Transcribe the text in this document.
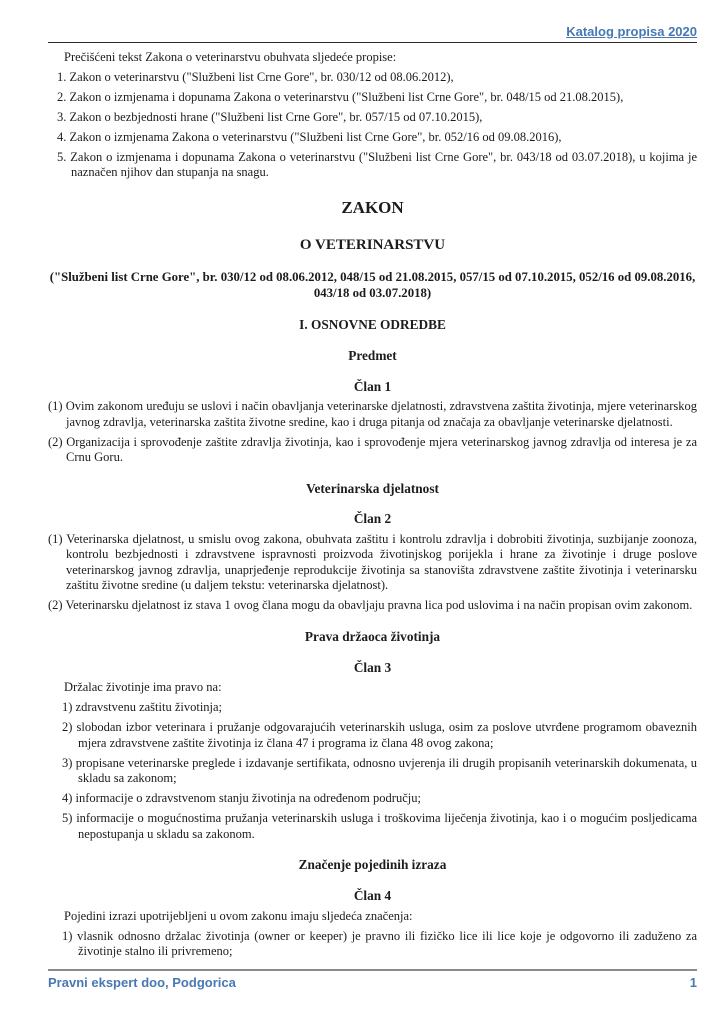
Katalog propisa 2020

Prečišćeni tekst Zakona o veterinarstvu obuhvata sljedeće propise:

1. Zakon o veterinarstvu ("Službeni list Crne Gore", br. 030/12 od 08.06.2012),

2. Zakon o izmjenama i dopunama Zakona o veterinarstvu ("Službeni list Crne Gore", br. 048/15 od 21.08.2015),

3. Zakon o bezbjednosti hrane ("Službeni list Crne Gore", br. 057/15 od 07.10.2015),

4. Zakon o izmjenama Zakona o veterinarstvu ("Službeni list Crne Gore", br. 052/16 od 09.08.2016),

5. Zakon o izmjenama i dopunama Zakona o veterinarstvu ("Službeni list Crne Gore", br. 043/18 od 03.07.2018), u kojima je naznačen njihov dan stupanja na snagu.

ZAKON
O VETERINARSTVU

("Službeni list Crne Gore", br. 030/12 od 08.06.2012, 048/15 od 21.08.2015, 057/15 od 07.10.2015, 052/16 od 09.08.2016, 043/18 od 03.07.2018)

I. OSNOVNE ODREDBE
Predmet
Član 1

(1) Ovim zakonom uređuju se uslovi i način obavljanja veterinarske djelatnosti, zdravstvena zaštita životinja, mjere veterinarskog javnog zdravlja, veterinarska zaštita životne sredine, kao i druga pitanja od značaja za obavljanje veterinarske djelatnosti.

(2) Organizacija i sprovođenje zaštite zdravlja životinja, kao i sprovođenje mjera veterinarskog javnog zdravlja od interesa je za Crnu Goru.

Veterinarska djelatnost
Član 2

(1) Veterinarska djelatnost, u smislu ovog zakona, obuhvata zaštitu i kontrolu zdravlja i dobrobiti životinja, suzbijanje zoonoza, kontrolu bezbjednosti i zdravstvene ispravnosti proizvoda životinjskog porijekla i hrane za životinje i druge poslove veterinarskog javnog zdravlja, unaprjeđenje reprodukcije životinja sa stanovišta zdravstvene zaštite životinja i veterinarsku zaštitu životne sredine (u daljem tekstu: veterinarska djelatnost).

(2) Veterinarsku djelatnost iz stava 1 ovog člana mogu da obavljaju pravna lica pod uslovima i na način propisan ovim zakonom.

Prava držaoca životinja
Član 3

Držalac životinje ima pravo na:

1) zdravstvenu zaštitu životinja;

2) slobodan izbor veterinara i pružanje odgovarajućih veterinarskih usluga, osim za poslove utvrđene programom obaveznih mjera zdravstvene zaštite životinja iz člana 47 i programa iz člana 48 ovog zakona;

3) propisane veterinarske preglede i izdavanje sertifikata, odnosno uvjerenja ili drugih propisanih veterinarskih dokumenata, u skladu sa zakonom;

4) informacije o zdravstvenom stanju životinja na određenom području;

5) informacije o mogućnostima pružanja veterinarskih usluga i troškovima liječenja životinja, kao i o mogućim posljedicama nepostupanja u skladu sa zakonom.

Značenje pojedinih izraza
Član 4

Pojedini izrazi upotrijebljeni u ovom zakonu imaju sljedeća značenja:

1) vlasnik odnosno držalac životinja (owner or keeper) je pravno ili fizičko lice ili lice koje je odgovorno ili zaduženo za životinje stalno ili privremeno;

Pravni ekspert doo, Podgorica	1
